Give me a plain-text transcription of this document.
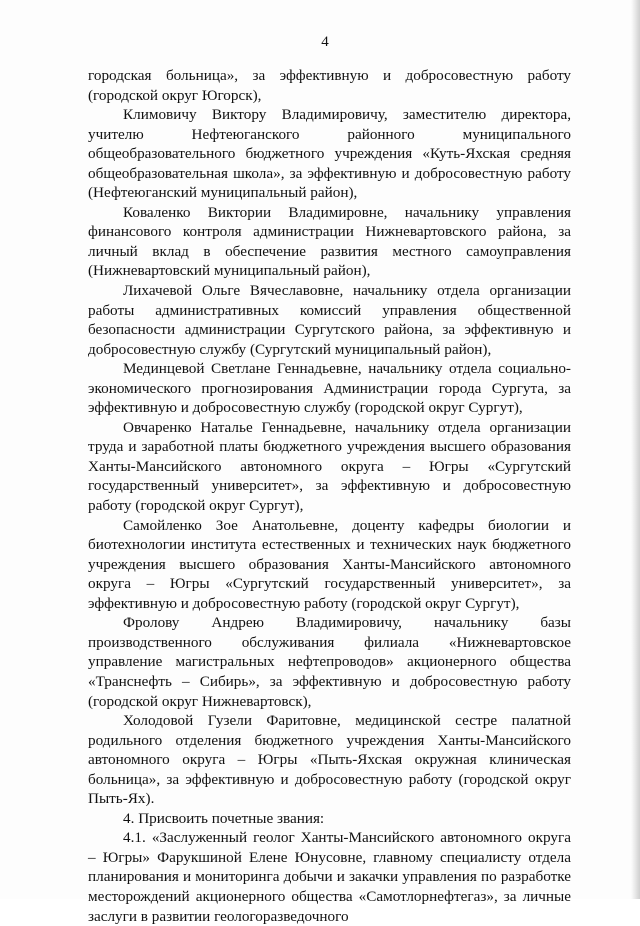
4

городская больница», за эффективную и добросовестную работу (городской округ Югорск),

Климовичу Виктору Владимировичу, заместителю директора, учителю Нефтеюганского районного муниципального общеобразовательного бюджетного учреждения «Куть-Яхская средняя общеобразовательная школа», за эффективную и добросовестную работу (Нефтеюганский муниципальный район),

Коваленко Виктории Владимировне, начальнику управления финансового контроля администрации Нижневартовского района, за личный вклад в обеспечение развития местного самоуправления (Нижневартовский муниципальный район),

Лихачевой Ольге Вячеславовне, начальнику отдела организации работы административных комиссий управления общественной безопасности администрации Сургутского района, за эффективную и добросовестную службу (Сургутский муниципальный район),

Мединцевой Светлане Геннадьевне, начальнику отдела социально-экономического прогнозирования Администрации города Сургута, за эффективную и добросовестную службу (городской округ Сургут),

Овчаренко Наталье Геннадьевне, начальнику отдела организации труда и заработной платы бюджетного учреждения высшего образования Ханты-Мансийского автономного округа – Югры «Сургутский государственный университет», за эффективную и добросовестную работу (городской округ Сургут),

Самойленко Зое Анатольевне, доценту кафедры биологии и биотехнологии института естественных и технических наук бюджетного учреждения высшего образования Ханты-Мансийского автономного округа – Югры «Сургутский государственный университет», за эффективную и добросовестную работу (городской округ Сургут),

Фролову Андрею Владимировичу, начальнику базы производственного обслуживания филиала «Нижневартовское управление магистральных нефтепроводов» акционерного общества «Транснефть – Сибирь», за эффективную и добросовестную работу (городской округ Нижневартовск),

Холодовой Гузели Фаритовне, медицинской сестре палатной родильного отделения бюджетного учреждения Ханты-Мансийского автономного округа – Югры «Пыть-Яхская окружная клиническая больница», за эффективную и добросовестную работу (городской округ Пыть-Ях).

4. Присвоить почетные звания:

4.1. «Заслуженный геолог Ханты-Мансийского автономного округа – Югры» Фарукшиной Елене Юнусовне, главному специалисту отдела планирования и мониторинга добычи и закачки управления по разработке месторождений акционерного общества «Самотлорнефтегаз», за личные заслуги в развитии геологоразведочного
